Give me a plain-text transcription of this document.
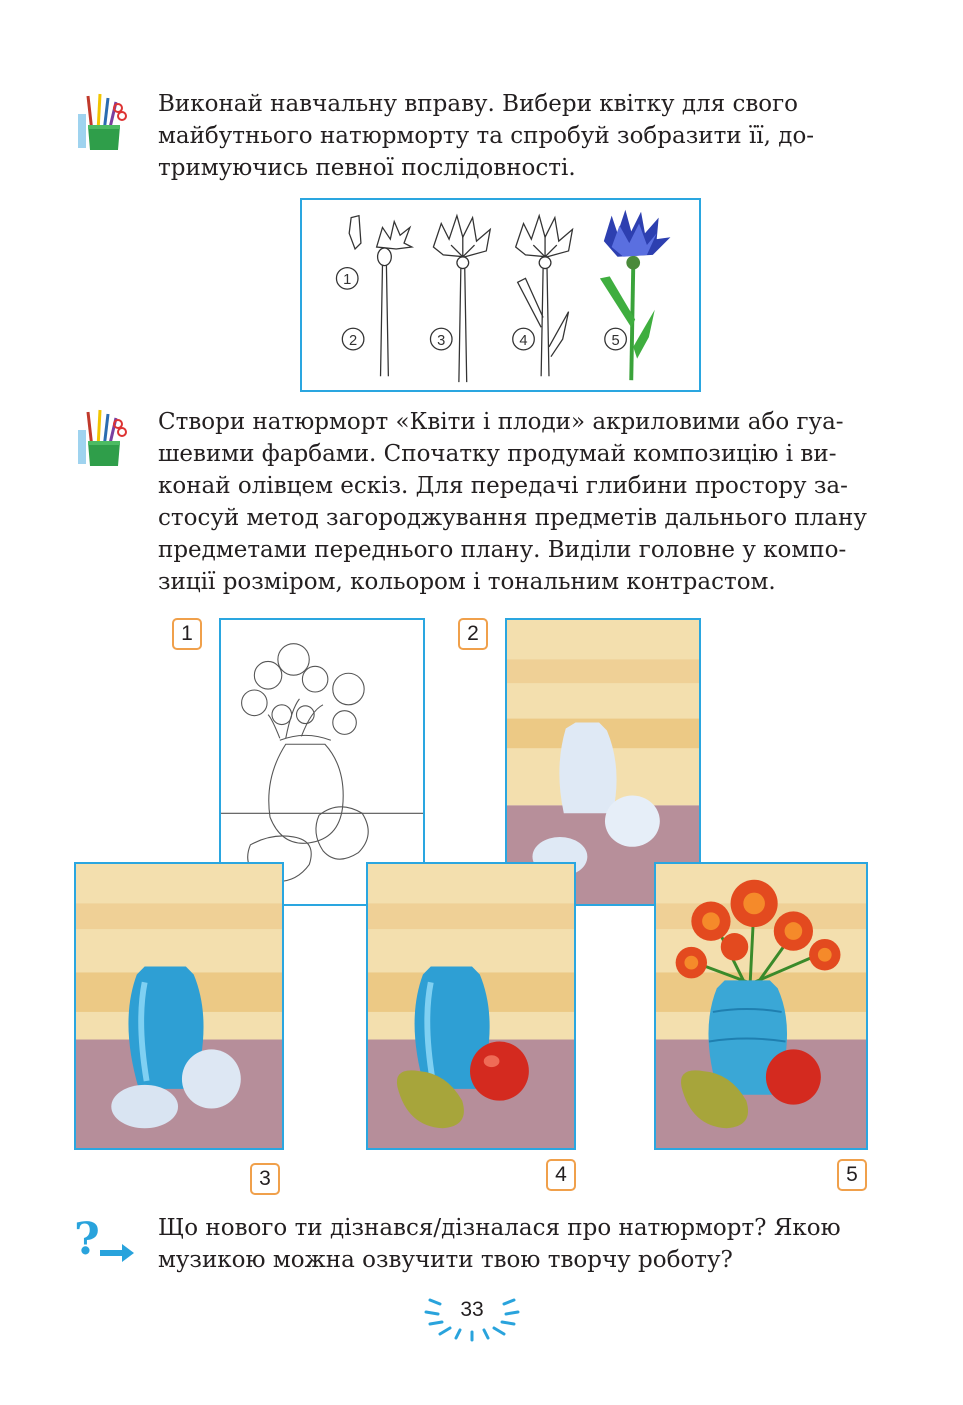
Виконай навчальну вправу. Вибери квітку для свого

майбутнього натюрморту та спробуй зобразити її, до-

тримуючись певної послідовності.

1
2	3	4	5

Створи натюрморт «Квіти і плоди» акриловими або гуа-

шевими фарбами. Спочатку продумай композицію і ви-

конай олівцем ескіз. Для передачі глибини простору за-

стосуй метод загороджування предметів дальнього плану

предметами переднього плану. Виділи головне у компо-

зиції розміром, кольором і тональним контрастом.

1	2
3	4	5
?	Що нового ти дізнався/дізналася про натюрморт? Якою

музикою можна озвучити твою творчу роботу?

33
